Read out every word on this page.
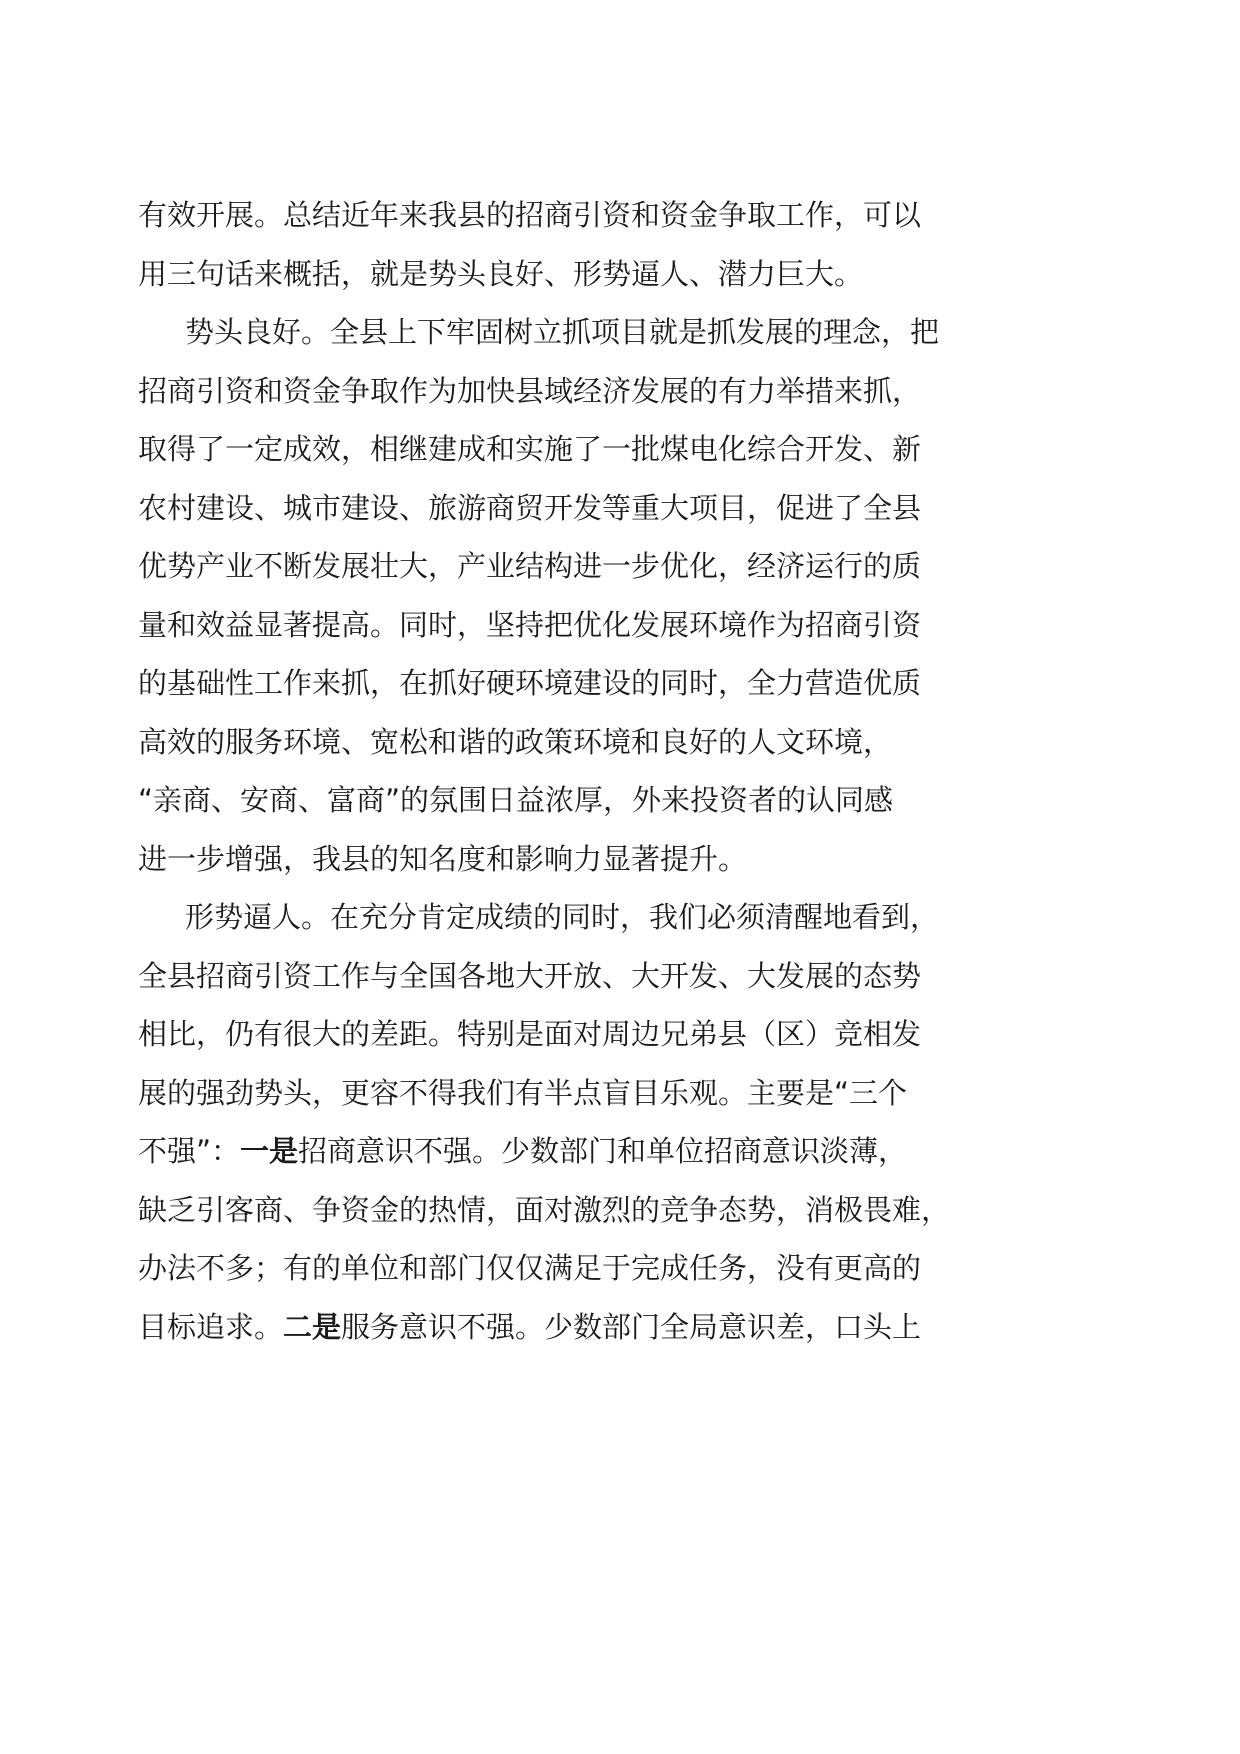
有效开展。总结近年来我县的招商引资和资金争取工作，可以
用三句话来概括，就是势头良好、形势逼人、潜力巨大。
势头良好。全县上下牢固树立抓项目就是抓发展的理念，把
招商引资和资金争取作为加快县域经济发展的有力举措来抓，
取得了一定成效，相继建成和实施了一批煤电化综合开发、新
农村建设、城市建设、旅游商贸开发等重大项目，促进了全县
优势产业不断发展壮大，产业结构进一步优化，经济运行的质
量和效益显著提高。同时，坚持把优化发展环境作为招商引资
的基础性工作来抓，在抓好硬环境建设的同时，全力营造优质
高效的服务环境、宽松和谐的政策环境和良好的人文环境，
“亲商、安商、富商”的氛围日益浓厚，外来投资者的认同感
进一步增强，我县的知名度和影响力显著提升。
形势逼人。在充分肯定成绩的同时，我们必须清醒地看到，
全县招商引资工作与全国各地大开放、大开发、大发展的态势
相比，仍有很大的差距。特别是面对周边兄弟县（区）竞相发
展的强劲势头，更容不得我们有半点盲目乐观。主要是“三个
不强”：一是招商意识不强。少数部门和单位招商意识淡薄，
缺乏引客商、争资金的热情，面对激烈的竞争态势，消极畏难，
办法不多；有的单位和部门仅仅满足于完成任务，没有更高的
目标追求。二是服务意识不强。少数部门全局意识差，口头上
